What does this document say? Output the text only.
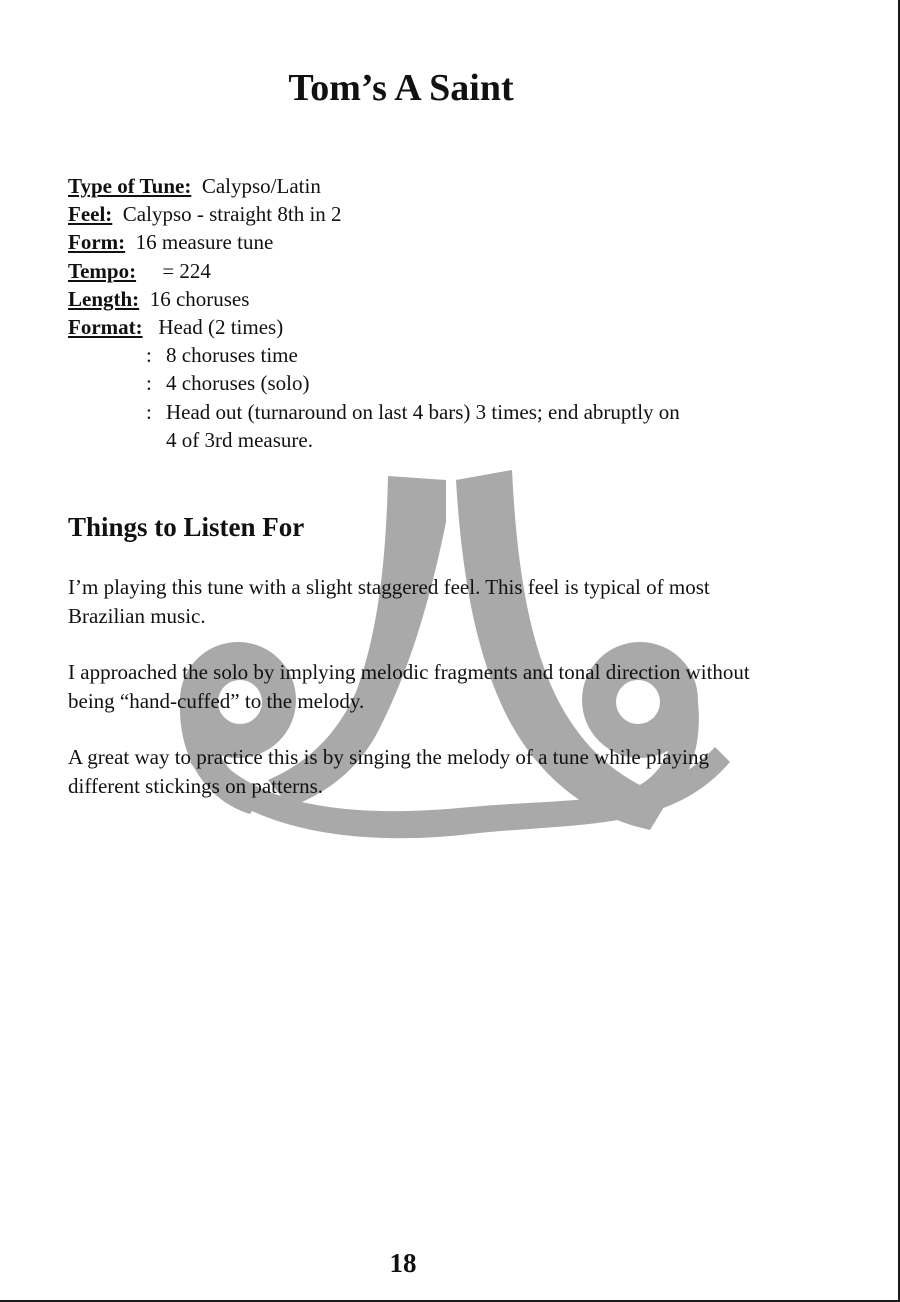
Tom’s A Saint
Type of Tune: Calypso/Latin
Feel: Calypso - straight 8th in 2
Form: 16 measure tune
Tempo: = 224
Length: 16 choruses
Format: Head (2 times)
: 8 choruses time
: 4 choruses (solo)
: Head out (turnaround on last 4 bars) 3 times; end abruptly on
4 of 3rd measure.
Things to Listen For

I’m playing this tune with a slight staggered feel. This feel is typical of most Brazilian music.

I approached the solo by implying melodic fragments and tonal direction without being “hand-cuffed” to the melody.

A great way to practice this is by singing the melody of a tune while playing different stickings on patterns.

18
